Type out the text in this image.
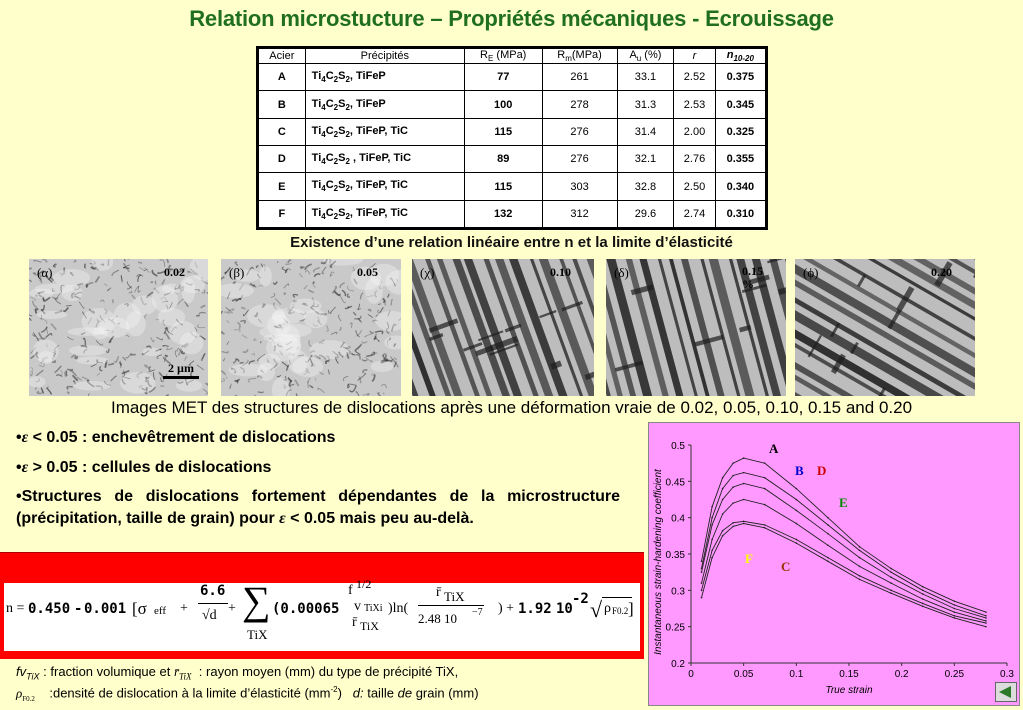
Relation microstucture – Propriétés mécaniques - Ecrouissage
Acier	Précipités	$R_E$ (MPa)	$R_m(MPa)$	$A_u$ (%)	r	$n_{10-20}$
A	$Ti_4C_2S_2$, TiFeP	77	261	33.1	2.52	0.375
B	$Ti_4C_2S_2$, TiFeP	100	278	31.3	2.53	0.345
C	$Ti_4C_2S_2$, TiFeP, TiC	115	276	31.4	2.00	0.325
D	$Ti_4C_2S_2$ , TiFeP, TiC	89	276	32.1	2.76	0.355
E	$Ti_4C_2S_2$, TiFeP, TiC	115	303	32.8	2.50	0.340
F	$Ti_4C_2S_2$, TiFeP, TiC	132	312	29.6	2.74	0.310
Existence d’une relation linéaire entre n et la limite d’élasticité
(α)	0.02
2 µm
(β)	0.05	(χ)	0.10	(δ)	0.15 %
(ϕ)	0.20
Images MET des structures de dislocations après une déformation vraie de 0.02, 0.05, 0.10, 0.15 and 0.20
•ε < 0.05 : enchevêtrement de dislocations
•ε > 0.05 : cellules de dislocations
•Structures de dislocations fortement dépendantes de la microstructure (précipitation, taille de grain) pour ε < 0.05 mais peu au-delà.
n = 0.450 - 0.001 [σ eff +
6.6
√d + ∑
TiX
(0.00065
f 1/2
v TiXi
r̄ TiX
)ln(
r̄ TiX
2.48 10 −7 ) + 1.92 10
-2 √ ρ F0.2 ]
$fv_{TiX}$ : fraction volumique et $r̄_{TiX}$ : rayon moyen (mm) du type de précipité TiX,
$\rho_{F0.2}$ :densité de dislocation à la limite d’élasticité $(mm^{-2})$ d: taille de grain (mm)
0.2
0.25
0.3
0.35
0.4
0.45
0.5
0	0.05	0.1	0.15	0.2	0.25	0.3
True strain
Instantaneous strain-hardening coefficient
A
B D
E
F
C
